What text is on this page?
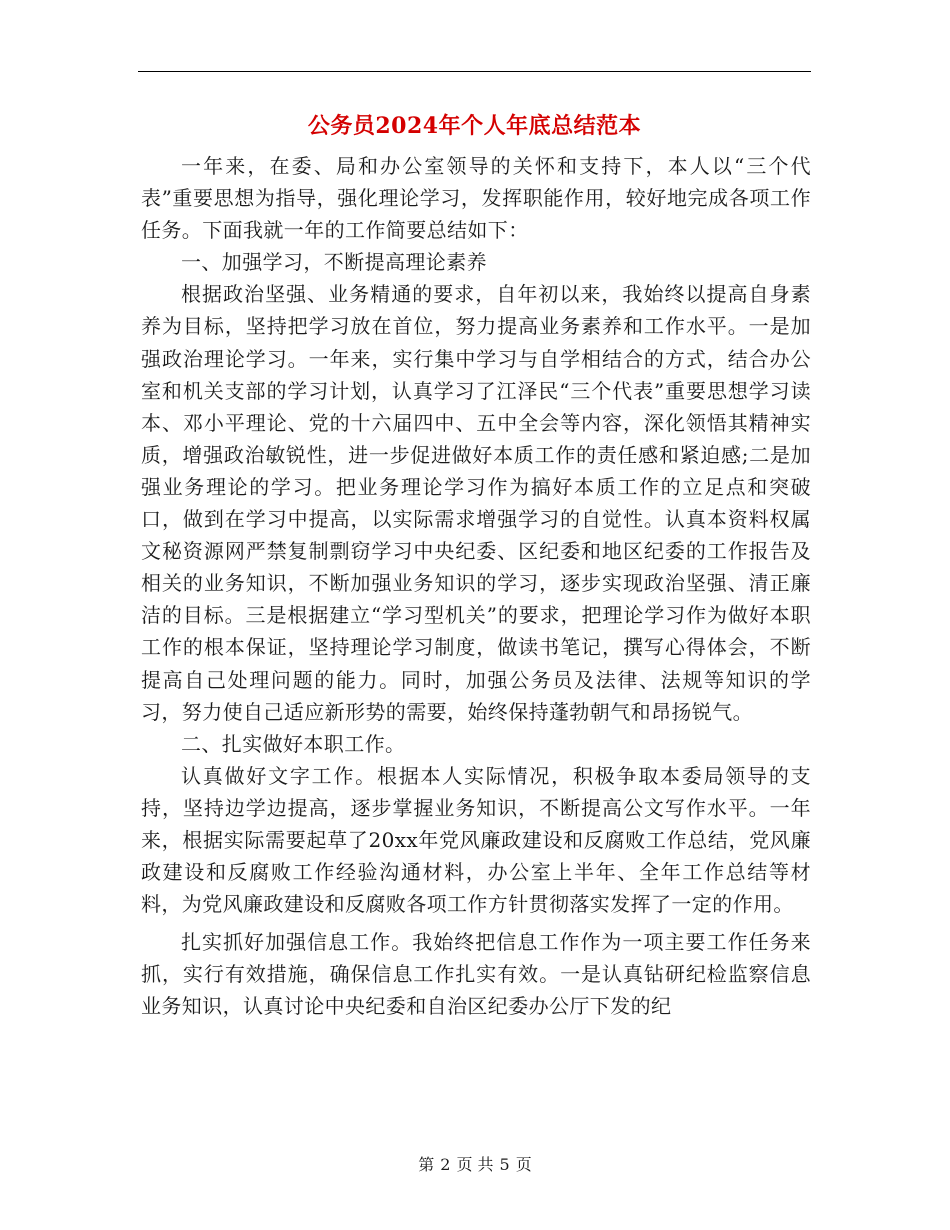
公务员2024年个人年底总结范本

一年来，在委、局和办公室领导的关怀和支持下，本人以“三个代表”重要思想为指导，强化理论学习，发挥职能作用，较好地完成各项工作任务。下面我就一年的工作简要总结如下：

一、加强学习，不断提高理论素养

根据政治坚强、业务精通的要求，自年初以来，我始终以提高自身素养为目标，坚持把学习放在首位，努力提高业务素养和工作水平。一是加强政治理论学习。一年来，实行集中学习与自学相结合的方式，结合办公室和机关支部的学习计划，认真学习了江泽民“三个代表”重要思想学习读本、邓小平理论、党的十六届四中、五中全会等内容，深化领悟其精神实质，增强政治敏锐性，进一步促进做好本质工作的责任感和紧迫感;二是加强业务理论的学习。把业务理论学习作为搞好本质工作的立足点和突破口，做到在学习中提高，以实际需求增强学习的自觉性。认真本资料权属文秘资源网严禁复制剽窃学习中央纪委、区纪委和地区纪委的工作报告及相关的业务知识，不断加强业务知识的学习，逐步实现政治坚强、清正廉洁的目标。三是根据建立“学习型机关”的要求，把理论学习作为做好本职工作的根本保证，坚持理论学习制度，做读书笔记，撰写心得体会，不断提高自己处理问题的能力。同时，加强公务员及法律、法规等知识的学习，努力使自己适应新形势的需要，始终保持蓬勃朝气和昂扬锐气。

二、扎实做好本职工作。

认真做好文字工作。根据本人实际情况，积极争取本委局领导的支持，坚持边学边提高，逐步掌握业务知识，不断提高公文写作水平。一年来，根据实际需要起草了20xx年党风廉政建设和反腐败工作总结，党风廉政建设和反腐败工作经验沟通材料，办公室上半年、全年工作总结等材料，为党风廉政建设和反腐败各项工作方针贯彻落实发挥了一定的作用。

扎实抓好加强信息工作。我始终把信息工作作为一项主要工作任务来抓，实行有效措施，确保信息工作扎实有效。一是认真钻研纪检监察信息业务知识，认真讨论中央纪委和自治区纪委办公厅下发的纪

第 2 页 共 5 页
